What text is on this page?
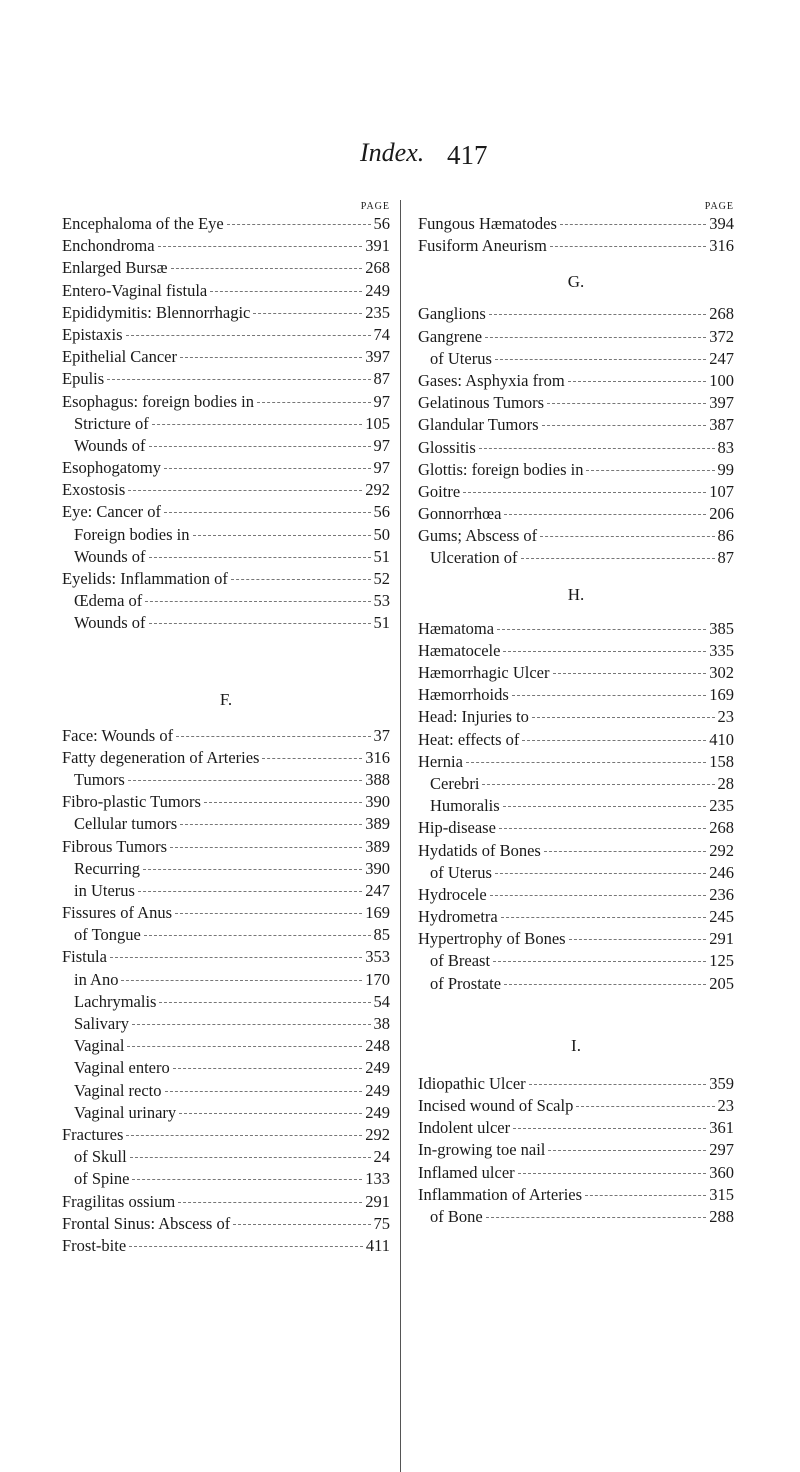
Index. 417
PAGE
Encephaloma of the Eye	56
Enchondroma	391
Enlarged Bursæ	268
Entero-Vaginal fistula	249
Epididymitis: Blennorrhagic	235
Epistaxis	74
Epithelial Cancer	397
Epulis	87
Esophagus: foreign bodies in	97
Stricture of	105
Wounds of	97
Esophogatomy	97
Exostosis	292
Eye: Cancer of	56
Foreign bodies in	50
Wounds of	51
Eyelids: Inflammation of	52
Œdema of	53
Wounds of	51
F.
Face: Wounds of	37
Fatty degeneration of Arteries	316
Tumors	388
Fibro-plastic Tumors	390
Cellular tumors	389
Fibrous Tumors	389
Recurring	390
in Uterus	247
Fissures of Anus	169
of Tongue	85
Fistula	353
in Ano	170
Lachrymalis	54
Salivary	38
Vaginal	248
Vaginal entero	249
Vaginal recto	249
Vaginal urinary	249
Fractures	292
of Skull	24
of Spine	133
Fragilitas ossium	291
Frontal Sinus: Abscess of	75
Frost-bite	411
PAGE
Fungous Hæmatodes	394
Fusiform Aneurism	316
G.
Ganglions	268
Gangrene	372
of Uterus	247
Gases: Asphyxia from	100
Gelatinous Tumors	397
Glandular Tumors	387
Glossitis	83
Glottis: foreign bodies in	99
Goitre	107
Gonnorrhœa	206
Gums; Abscess of	86
Ulceration of	87
H.
Hæmatoma	385
Hæmatocele	335
Hæmorrhagic Ulcer	302
Hæmorrhoids	169
Head: Injuries to	23
Heat: effects of	410
Hernia	158
Cerebri	28
Humoralis	235
Hip-disease	268
Hydatids of Bones	292
of Uterus	246
Hydrocele	236
Hydrometra	245
Hypertrophy of Bones	291
of Breast	125
of Prostate	205
I.
Idiopathic Ulcer	359
Incised wound of Scalp	23
Indolent ulcer	361
In-growing toe nail	297
Inflamed ulcer	360
Inflammation of Arteries	315
of Bone	288
